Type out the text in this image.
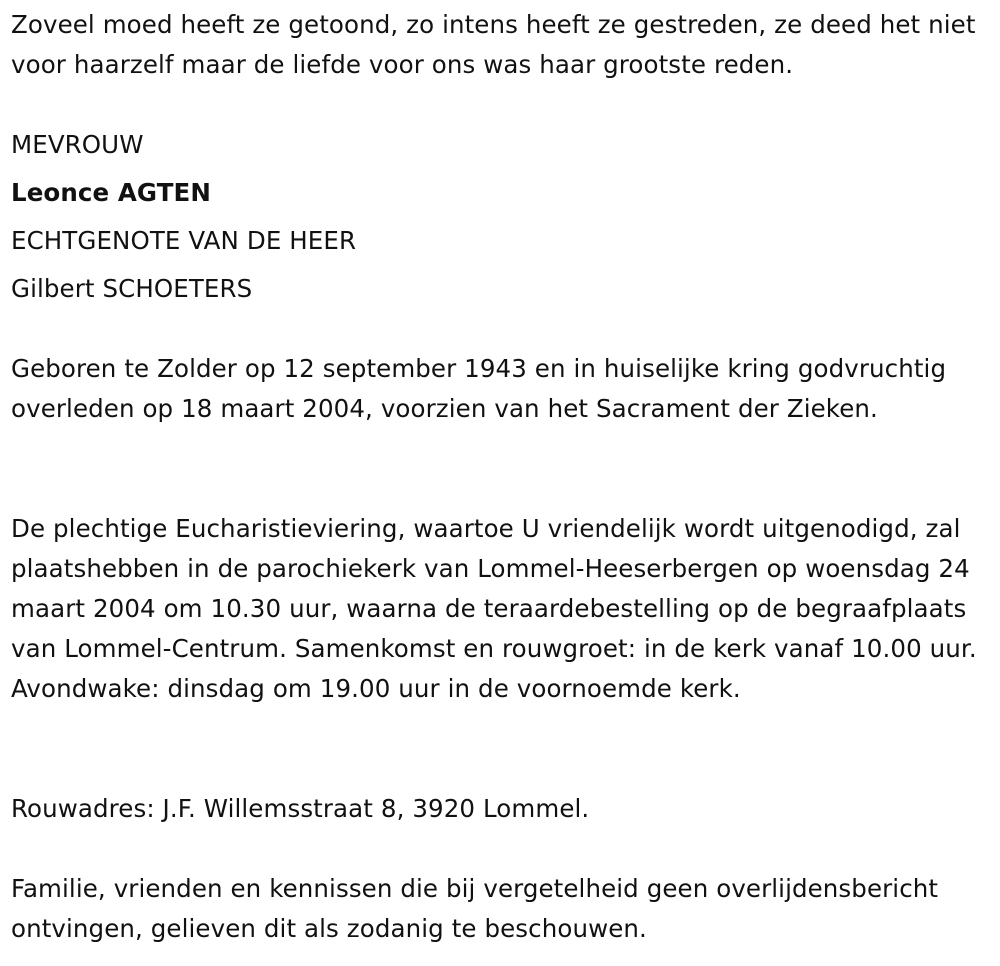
Zoveel moed heeft ze getoond, zo intens heeft ze gestreden, ze deed het niet voor haarzelf maar de liefde voor ons was haar grootste reden.

MEVROUW

Leonce AGTEN

ECHTGENOTE VAN DE HEER

Gilbert SCHOETERS

Geboren te Zolder op 12 september 1943 en in huiselijke kring godvruchtig overleden op 18 maart 2004, voorzien van het Sacrament der Zieken.

De plechtige Eucharistieviering, waartoe U vriendelijk wordt uitgenodigd, zal plaatshebben in de parochiekerk van Lommel-Heeserbergen op woensdag 24 maart 2004 om 10.30 uur, waarna de teraardebestelling op de begraafplaats van Lommel-Centrum. Samenkomst en rouwgroet: in de kerk vanaf 10.00 uur. Avondwake: dinsdag om 19.00 uur in de voornoemde kerk.

Rouwadres: J.F. Willemsstraat 8, 3920 Lommel.

Familie, vrienden en kennissen die bij vergetelheid geen overlijdensbericht ontvingen, gelieven dit als zodanig te beschouwen.
